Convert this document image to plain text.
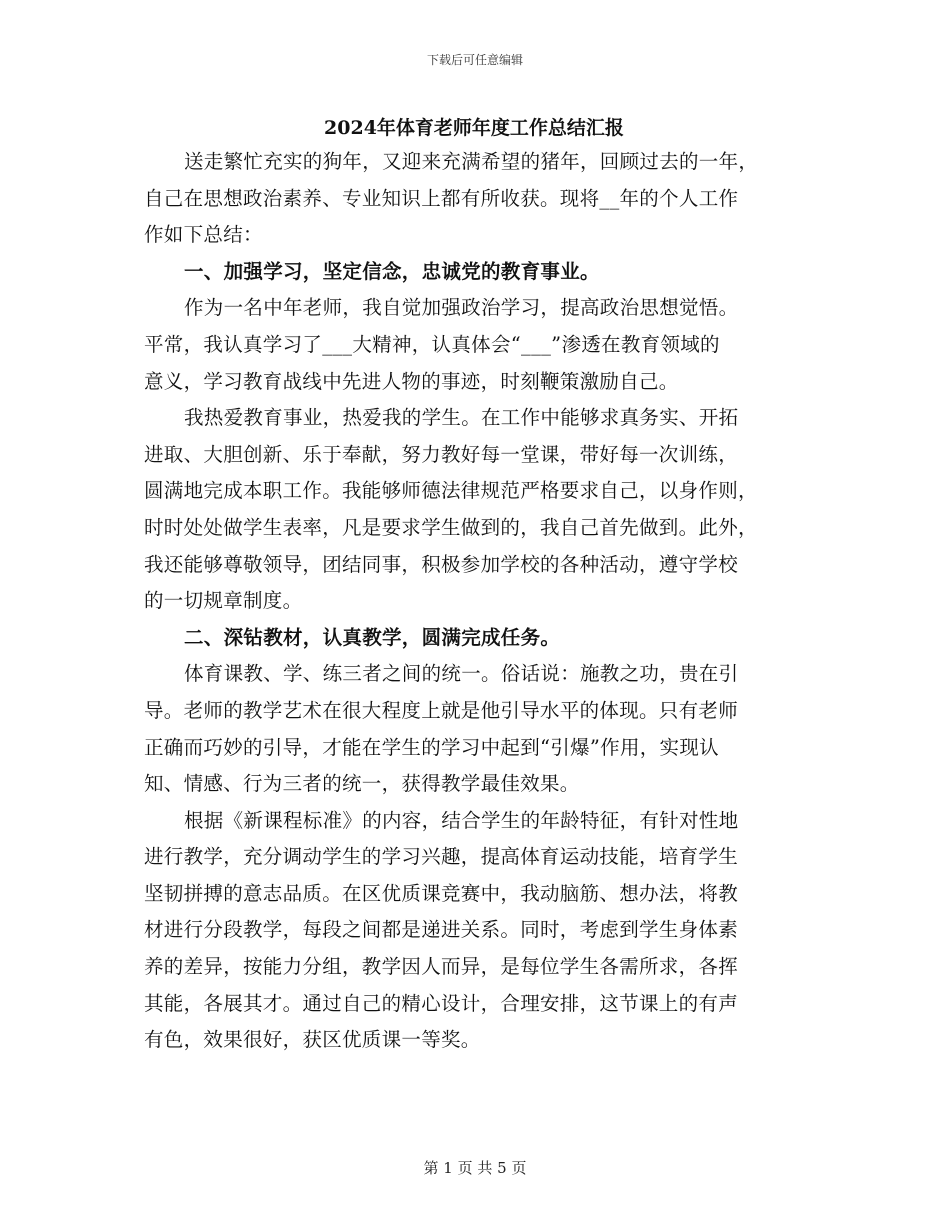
下载后可任意编辑
2024年体育老师年度工作总结汇报
送走繁忙充实的狗年，又迎来充满希望的猪年，回顾过去的一年，
自己在思想政治素养、专业知识上都有所收获。现将__年的个人工作
作如下总结：
一、加强学习，坚定信念，忠诚党的教育事业。
作为一名中年老师，我自觉加强政治学习，提高政治思想觉悟。
平常，我认真学习了___大精神，认真体会“___”渗透在教育领域的
意义，学习教育战线中先进人物的事迹，时刻鞭策激励自己。
我热爱教育事业，热爱我的学生。在工作中能够求真务实、开拓
进取、大胆创新、乐于奉献，努力教好每一堂课，带好每一次训练，
圆满地完成本职工作。我能够师德法律规范严格要求自己，以身作则，
时时处处做学生表率，凡是要求学生做到的，我自己首先做到。此外，
我还能够尊敬领导，团结同事，积极参加学校的各种活动，遵守学校
的一切规章制度。
二、深钻教材，认真教学，圆满完成任务。
体育课教、学、练三者之间的统一。俗话说：施教之功，贵在引
导。老师的教学艺术在很大程度上就是他引导水平的体现。只有老师
正确而巧妙的引导，才能在学生的学习中起到“引爆”作用，实现认
知、情感、行为三者的统一，获得教学最佳效果。
根据《新课程标准》的内容，结合学生的年龄特征，有针对性地
进行教学，充分调动学生的学习兴趣，提高体育运动技能，培育学生
坚韧拼搏的意志品质。在区优质课竞赛中，我动脑筋、想办法，将教
材进行分段教学，每段之间都是递进关系。同时，考虑到学生身体素
养的差异，按能力分组，教学因人而异，是每位学生各需所求，各挥
其能，各展其才。通过自己的精心设计，合理安排，这节课上的有声
有色，效果很好，获区优质课一等奖。
第 1 页 共 5 页
